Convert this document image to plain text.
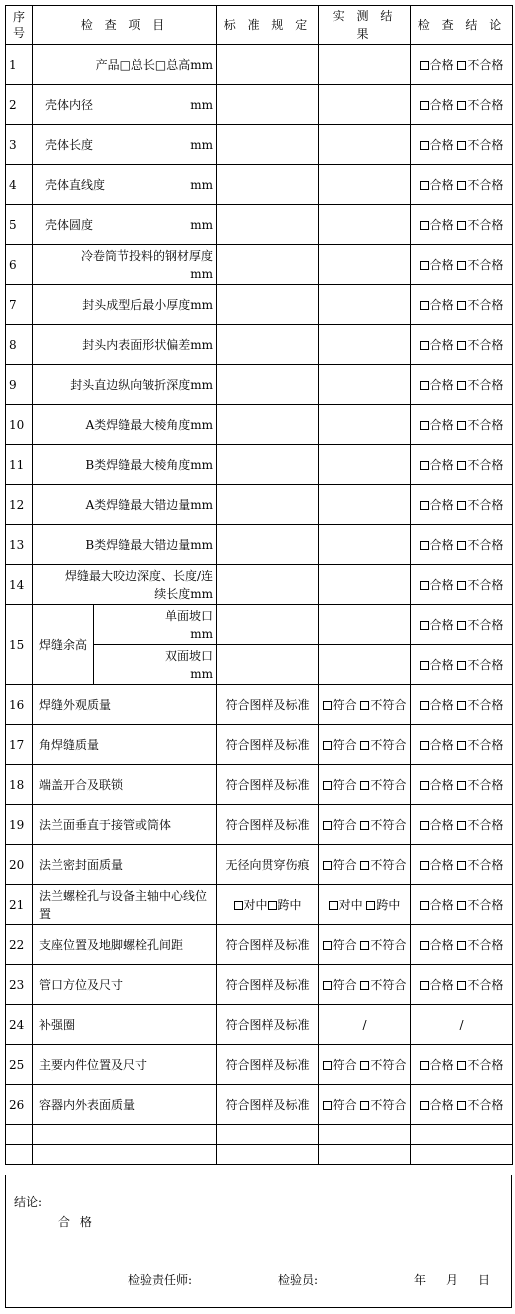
序号	检 查 项 目		标 准 规 定	实 测 结 果	检 查 结 论
1	产品□总长□总高mm				合格 不合格

2	壳体内径 mm				合格 不合格

3	壳体长度 mm				合格 不合格

4	壳体直线度 mm				合格 不合格

5	壳体圆度 mm				合格 不合格

6	冷卷筒节投料的钢材厚度mm				合格 不合格

7	封头成型后最小厚度mm				合格 不合格

8	封头内表面形状偏差mm				合格 不合格

9	封头直边纵向皱折深度mm				合格 不合格

10	A类焊缝最大棱角度mm				合格 不合格

11	B类焊缝最大棱角度mm				合格 不合格

12	A类焊缝最大错边量mm				合格 不合格

13	B类焊缝最大错边量mm				合格 不合格

14	焊缝最大咬边深度、长度/连续长度mm				合格 不合格

15	焊缝余高	单面坡口
mm			合格 不合格

		双面坡口
mm			合格 不合格

16	焊缝外观质量		符合图样及标准	符合 不符合	合格 不合格

17	角焊缝质量		符合图样及标准	符合 不符合	合格 不合格

18	端盖开合及联锁		符合图样及标准	符合 不符合	合格 不合格

19	法兰面垂直于接管或筒体		符合图样及标准	符合 不符合	合格 不合格

20	法兰密封面质量		无径向贯穿伤痕	符合 不符合	合格 不合格

21	法兰螺栓孔与设备主轴中心线位置		对中 跨中	对中 跨中	合格 不合格

22	支座位置及地脚螺栓孔间距		符合图样及标准	符合 不符合	合格 不合格

23	管口方位及尺寸		符合图样及标准	符合 不符合	合格 不合格

24	补强圈		符合图样及标准	/	/
25	主要内件位置及尺寸		符合图样及标准	符合 不符合	合格 不合格

26	容器内外表面质量		符合图样及标准	符合 不符合	合格 不合格

结论:
合 格
检验责任师:	检验员:	年 月 日
